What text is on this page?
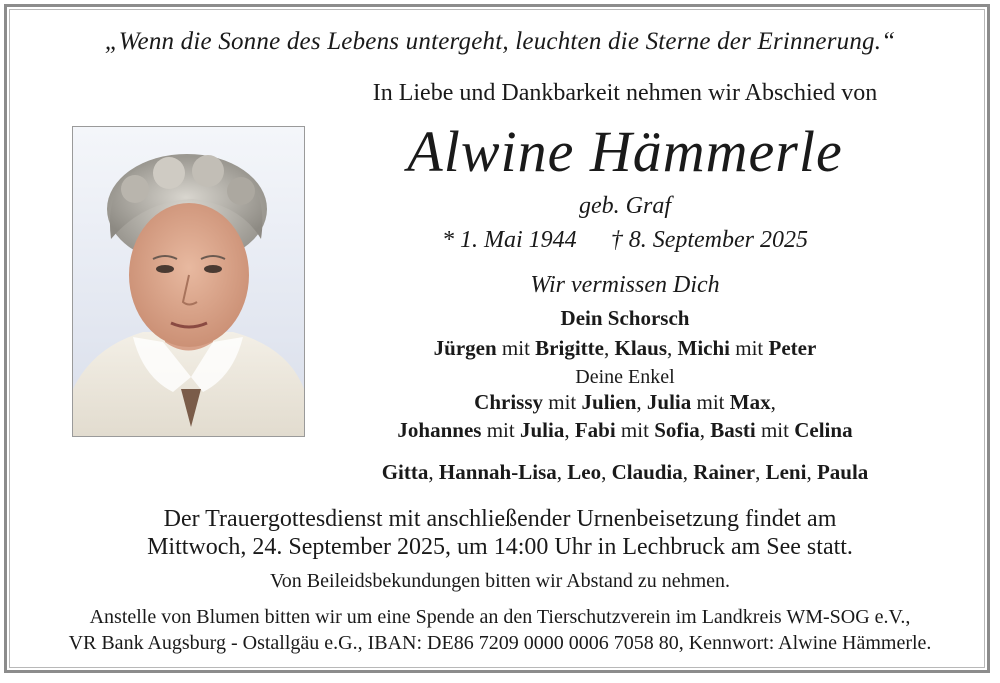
„Wenn die Sonne des Lebens untergeht, leuchten die Sterne der Erinnerung.“
In Liebe und Dankbarkeit nehmen wir Abschied von
Alwine Hämmerle
geb. Graf
* 1. Mai 1944 † 8. September 2025
Wir vermissen Dich
Dein Schorsch
Jürgen mit Brigitte, Klaus, Michi mit Peter
Deine Enkel
Chrissy mit Julien, Julia mit Max,
Johannes mit Julia, Fabi mit Sofia, Basti mit Celina
Gitta, Hannah-Lisa, Leo, Claudia, Rainer, Leni, Paula
Der Trauergottesdienst mit anschließender Urnenbeisetzung findet am
Mittwoch, 24. September 2025, um 14:00 Uhr in Lechbruck am See statt.
Von Beileidsbekundungen bitten wir Abstand zu nehmen.
Anstelle von Blumen bitten wir um eine Spende an den Tierschutzverein im Landkreis WM-SOG e.V.,
VR Bank Augsburg - Ostallgäu e.G., IBAN: DE86 7209 0000 0006 7058 80, Kennwort: Alwine Hämmerle.
